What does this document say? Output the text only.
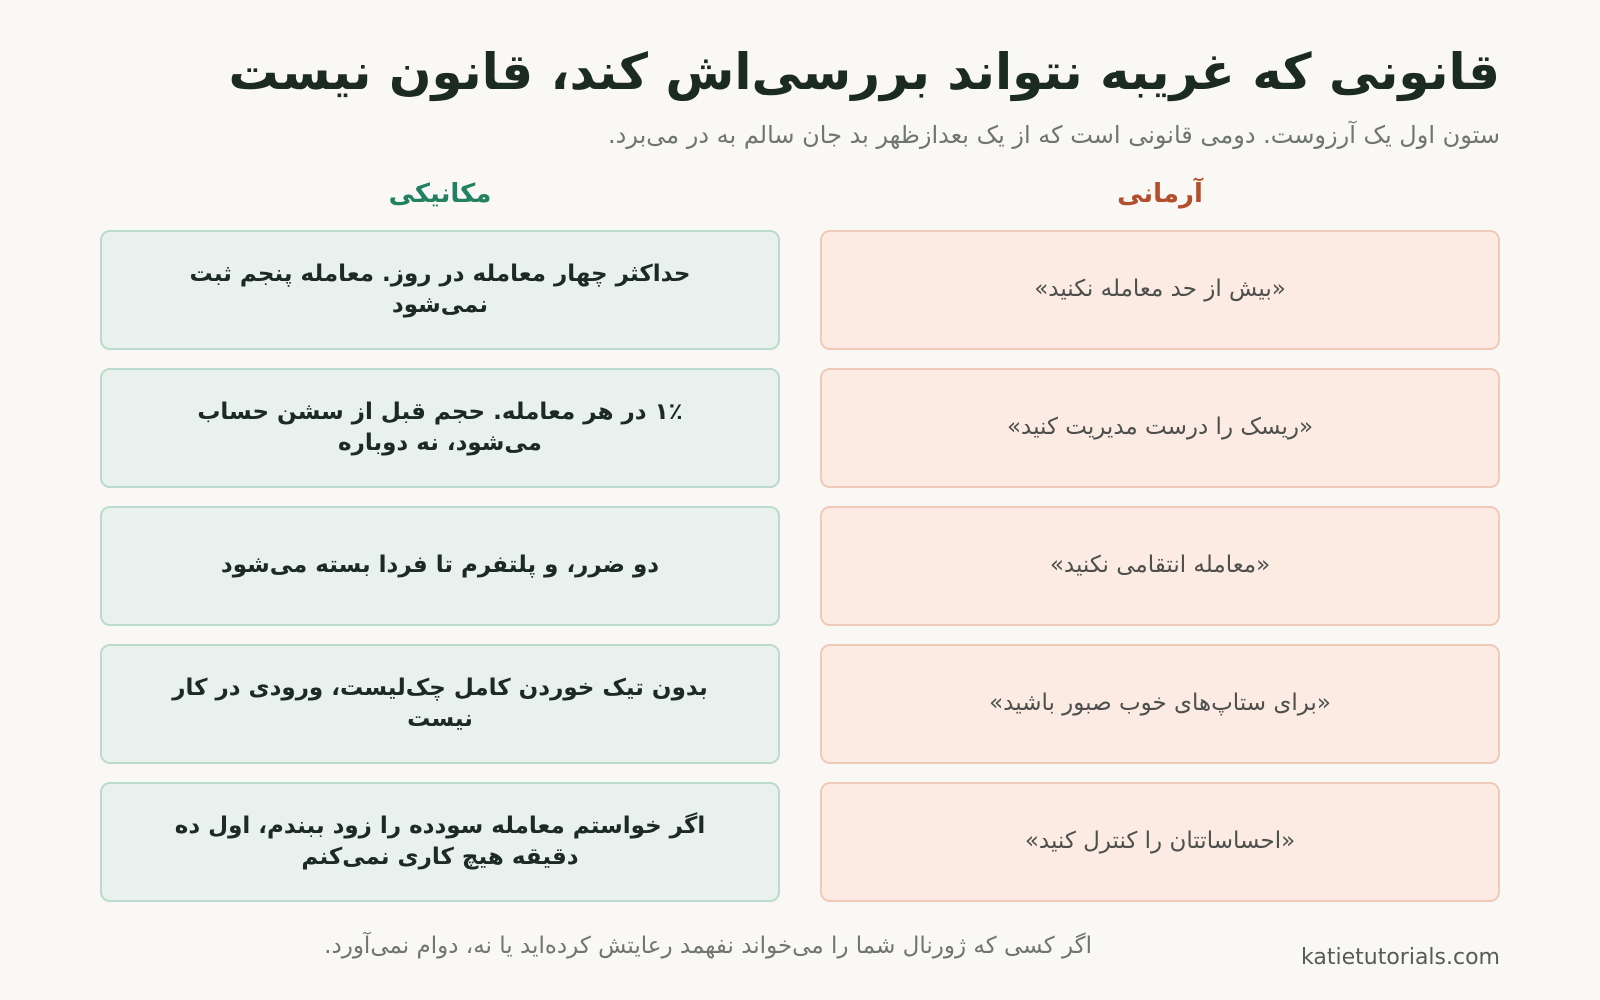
قانونی که غریبه نتواند بررسی‌اش کند، قانون نیست

ستون اول یک آرزوست. دومی قانونی است که از یک بعدازظهر بد جان سالم به در می‌برد.

آرمانی
مکانیکی
«بیش از حد معامله نکنید»
حداکثر چهار معامله در روز. معامله پنجم ثبت نمی‌شود
«ریسک را درست مدیریت کنید»
۱٪ در هر معامله. حجم قبل از سشن حساب می‌شود، نه دوباره
«معامله انتقامی نکنید»
دو ضرر، و پلتفرم تا فردا بسته می‌شود
«برای ستاپ‌های خوب صبور باشید»
بدون تیک خوردن کامل چک‌لیست، ورودی در کار نیست
«احساساتتان را کنترل کنید»
اگر خواستم معامله سودده را زود ببندم، اول ده دقیقه هیچ کاری نمی‌کنم
اگر کسی که ژورنال شما را می‌خواند نفهمد رعایتش کرده‌اید یا نه، دوام نمی‌آورد.	katietutorials.com
